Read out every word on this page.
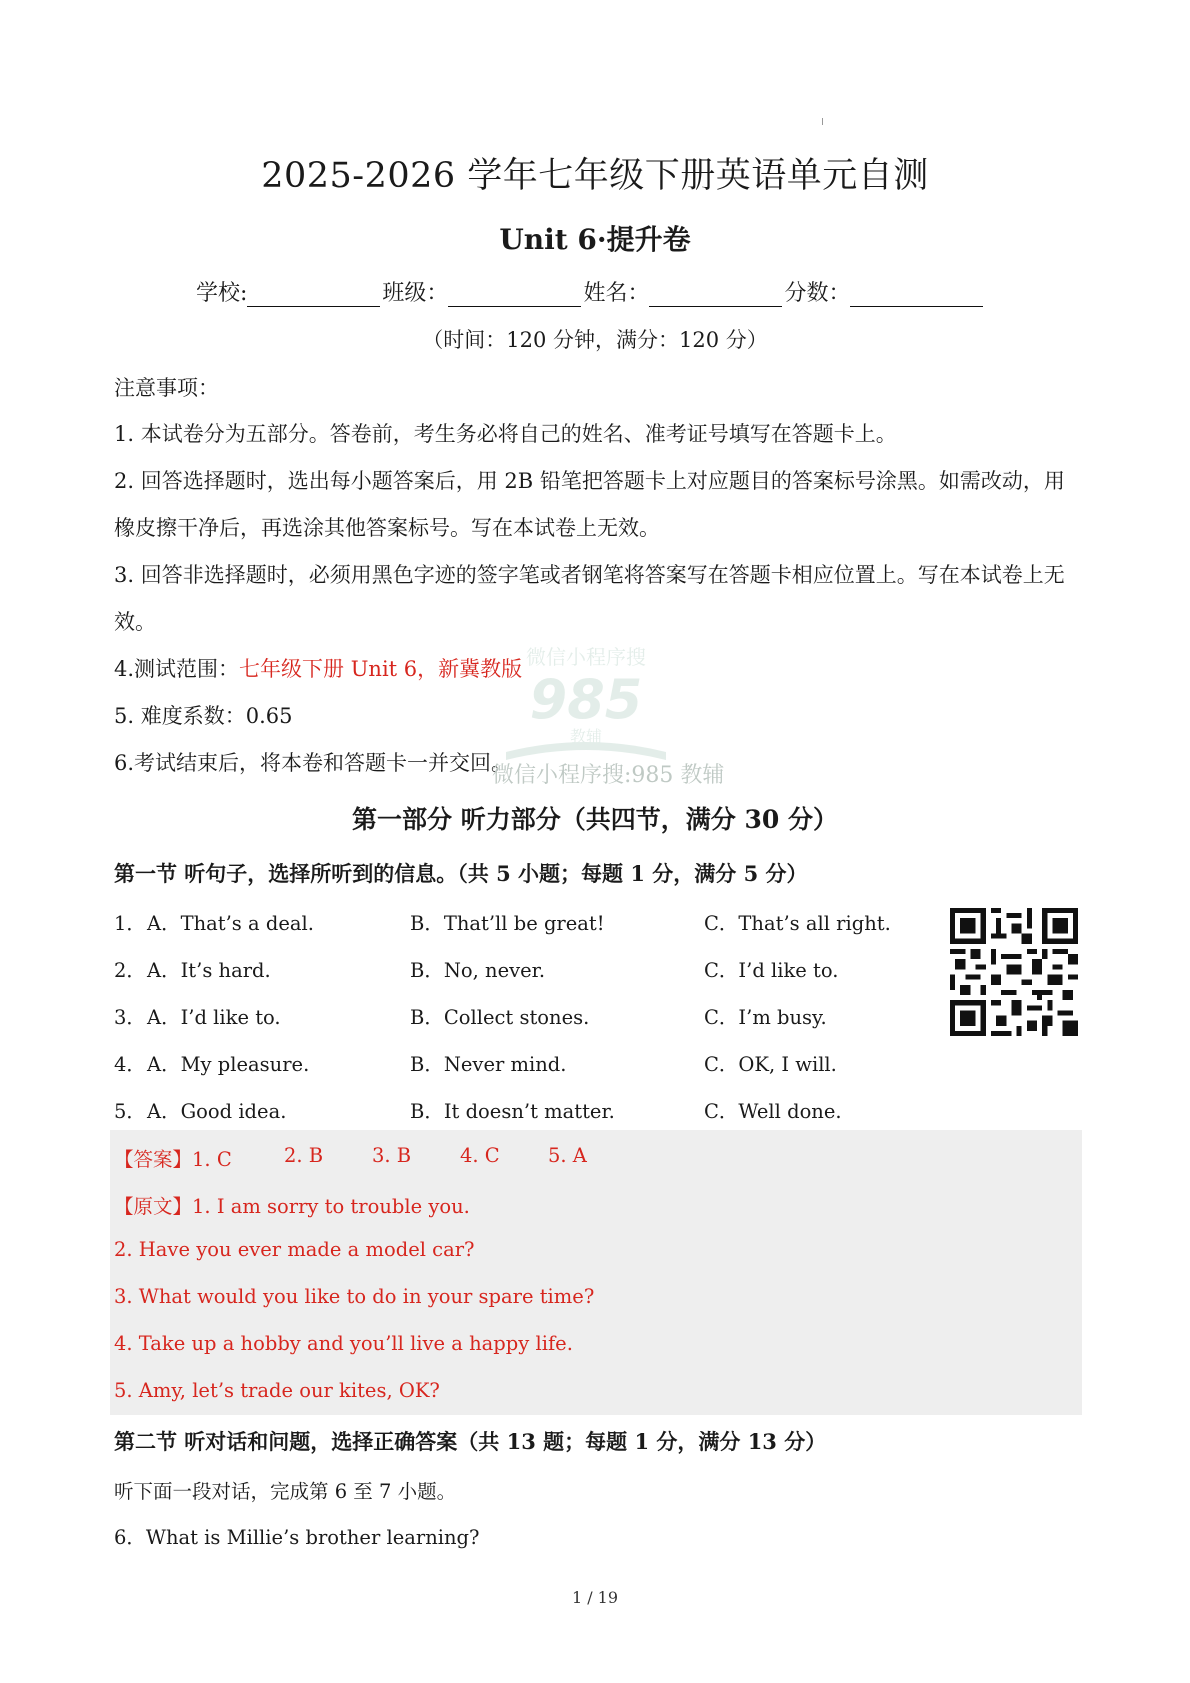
2025-2026 学年七年级下册英语单元自测
Unit 6·提升卷
学校:	班级：	姓名：	分数：
（时间：120 分钟，满分：120 分）
注意事项：
1. 本试卷分为五部分。答卷前，考生务必将自己的姓名、准考证号填写在答题卡上。
2. 回答选择题时，选出每小题答案后，用 2B 铅笔把答题卡上对应题目的答案标号涂黑。如需改动，用橡皮擦干净后，再选涂其他答案标号。写在本试卷上无效。
3. 回答非选择题时，必须用黑色字迹的签字笔或者钢笔将答案写在答题卡相应位置上。写在本试卷上无效。
4.测试范围：七年级下册 Unit 6，新冀教版
5. 难度系数：0.65
6.考试结束后，将本卷和答题卡一并交回。
微信小程序搜
985
教辅
微信小程序搜:985 教辅
第一部分 听力部分（共四节，满分 30 分）
第一节 听句子，选择所听到的信息。（共 5 小题；每题 1 分，满分 5 分）
1． A．That’s a deal.	B．That’ll be great!	C．That’s all right.
2． A．It’s hard.	B．No, never.	C．I’d like to.
3． A．I’d like to.	B．Collect stones.	C．I’m busy.
4． A．My pleasure.	B．Never mind.	C．OK, I will.
5． A．Good idea.	B．It doesn’t matter.	C．Well done.
【答案】1. C	2. B	3. B	4. C 5. A
【原文】1. I am sorry to trouble you.
2. Have you ever made a model car?
3. What would you like to do in your spare time?
4. Take up a hobby and you’ll live a happy life.
5. Amy, let’s trade our kites, OK?
第二节 听对话和问题，选择正确答案（共 13 题；每题 1 分，满分 13 分）
听下面一段对话，完成第 6 至 7 小题。
6．What is Millie’s brother learning?
1 / 19
